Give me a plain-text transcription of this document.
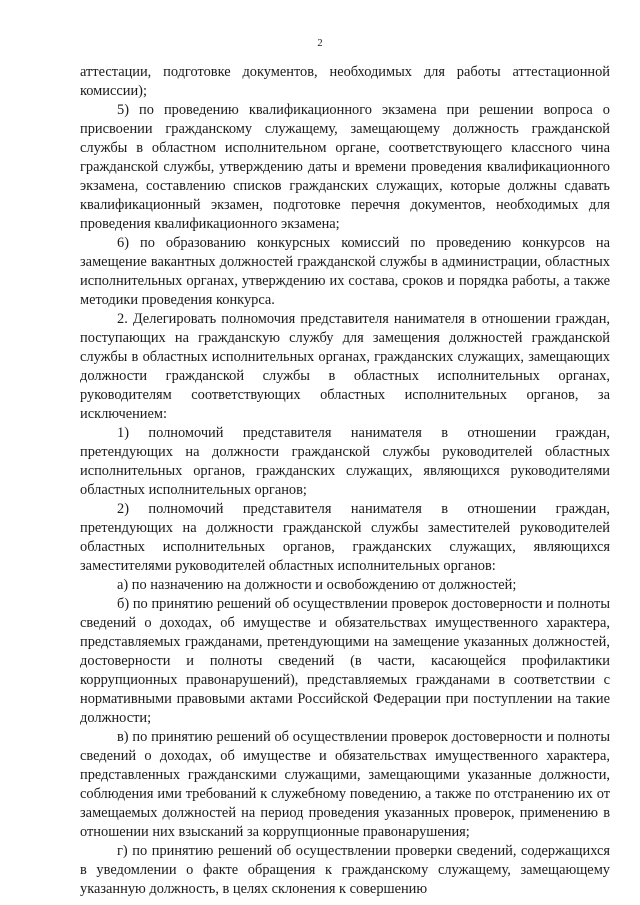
2

аттестации, подготовке документов, необходимых для работы аттестационной комиссии);

5) по проведению квалификационного экзамена при решении вопроса о присвоении гражданскому служащему, замещающему должность гражданской службы в областном исполнительном органе, соответствующего классного чина гражданской службы, утверждению даты и времени проведения квалификационного экзамена, составлению списков гражданских служащих, которые должны сдавать квалификационный экзамен, подготовке перечня документов, необходимых для проведения квалификационного экзамена;

6) по образованию конкурсных комиссий по проведению конкурсов на замещение вакантных должностей гражданской службы в администрации, областных исполнительных органах, утверждению их состава, сроков и порядка работы, а также методики проведения конкурса.

2. Делегировать полномочия представителя нанимателя в отношении граждан, поступающих на гражданскую службу для замещения должностей гражданской службы в областных исполнительных органах, гражданских служащих, замещающих должности гражданской службы в областных исполнительных органах, руководителям соответствующих областных исполнительных органов, за исключением:

1) полномочий представителя нанимателя в отношении граждан, претендующих на должности гражданской службы руководителей областных исполнительных органов, гражданских служащих, являющихся руководителями областных исполнительных органов;

2) полномочий представителя нанимателя в отношении граждан, претендующих на должности гражданской службы заместителей руководителей областных исполнительных органов, гражданских служащих, являющихся заместителями руководителей областных исполнительных органов:

а) по назначению на должности и освобождению от должностей;

б) по принятию решений об осуществлении проверок достоверности и полноты сведений о доходах, об имуществе и обязательствах имущественного характера, представляемых гражданами, претендующими на замещение указанных должностей, достоверности и полноты сведений (в части, касающейся профилактики коррупционных правонарушений), представляемых гражданами в соответствии с нормативными правовыми актами Российской Федерации при поступлении на такие должности;

в) по принятию решений об осуществлении проверок достоверности и полноты сведений о доходах, об имуществе и обязательствах имущественного характера, представленных гражданскими служащими, замещающими указанные должности, соблюдения ими требований к служебному поведению, а также по отстранению их от замещаемых должностей на период проведения указанных проверок, применению в отношении них взысканий за коррупционные правонарушения;

г) по принятию решений об осуществлении проверки сведений, содержащихся в уведомлении о факте обращения к гражданскому служащему, замещающему указанную должность, в целях склонения к совершению
